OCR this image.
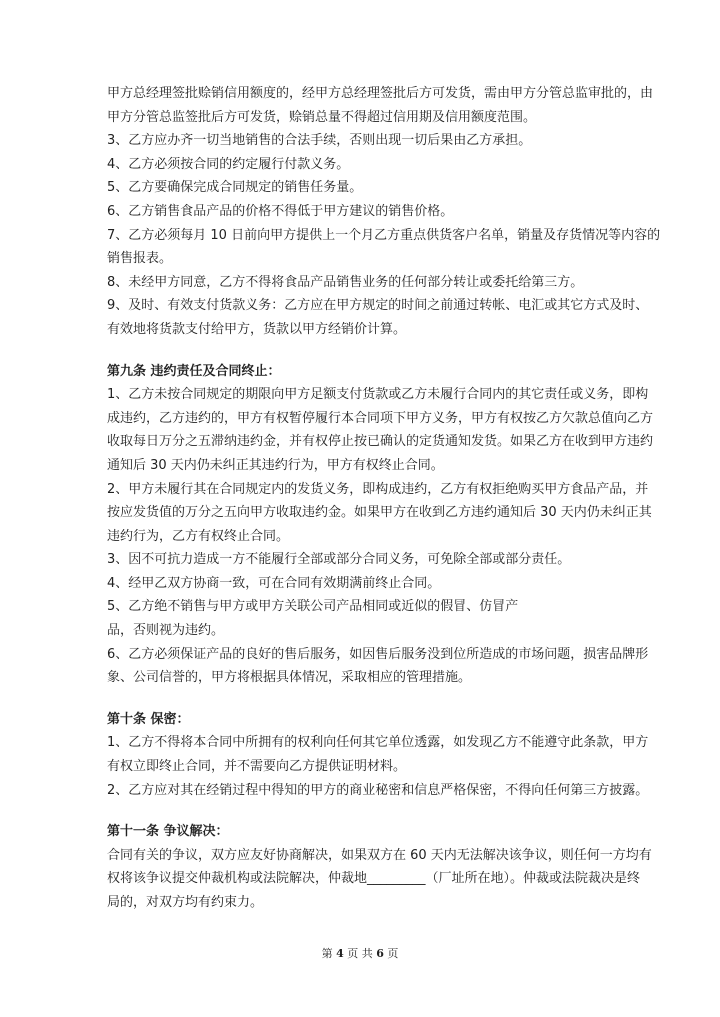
甲方总经理签批赊销信用额度的，经甲方总经理签批后方可发货，需由甲方分管总监审批的，由
甲方分管总监签批后方可发货，赊销总量不得超过信用期及信用额度范围。
3、乙方应办齐一切当地销售的合法手续，否则出现一切后果由乙方承担。
4、乙方必须按合同的约定履行付款义务。
5、乙方要确保完成合同规定的销售任务量。
6、乙方销售食品产品的价格不得低于甲方建议的销售价格。
7、乙方必须每月 10 日前向甲方提供上一个月乙方重点供货客户名单，销量及存货情况等内容的
销售报表。
8、未经甲方同意，乙方不得将食品产品销售业务的任何部分转让或委托给第三方。
9、及时、有效支付货款义务：乙方应在甲方规定的时间之前通过转帐、电汇或其它方式及时、
有效地将货款支付给甲方，货款以甲方经销价计算。
第九条 违约责任及合同终止：
1、乙方未按合同规定的期限向甲方足额支付货款或乙方未履行合同内的其它责任或义务，即构
成违约，乙方违约的，甲方有权暂停履行本合同项下甲方义务，甲方有权按乙方欠款总值向乙方
收取每日万分之五滞纳违约金，并有权停止按已确认的定货通知发货。如果乙方在收到甲方违约
通知后 30 天内仍未纠正其违约行为，甲方有权终止合同。
2、甲方未履行其在合同规定内的发货义务，即构成违约，乙方有权拒绝购买甲方食品产品，并
按应发货值的万分之五向甲方收取违约金。如果甲方在收到乙方违约通知后 30 天内仍未纠正其
违约行为，乙方有权终止合同。
3、因不可抗力造成一方不能履行全部或部分合同义务，可免除全部或部分责任。
4、经甲乙双方协商一致，可在合同有效期满前终止合同。
5、乙方绝不销售与甲方或甲方关联公司产品相同或近似的假冒、仿冒产
品，否则视为违约。
6、乙方必须保证产品的良好的售后服务，如因售后服务没到位所造成的市场问题，损害品牌形
象、公司信誉的，甲方将根据具体情况，采取相应的管理措施。
第十条 保密：
1、乙方不得将本合同中所拥有的权利向任何其它单位透露，如发现乙方不能遵守此条款，甲方
有权立即终止合同，并不需要向乙方提供证明材料。
2、乙方应对其在经销过程中得知的甲方的商业秘密和信息严格保密，不得向任何第三方披露。
第十一条 争议解决：
合同有关的争议，双方应友好协商解决，如果双方在 60 天内无法解决该争议，则任何一方均有
权将该争议提交仲裁机构或法院解决，仲裁地_________（厂址所在地）。仲裁或法院裁决是终
局的，对双方均有约束力。
第 4 页 共 6 页
